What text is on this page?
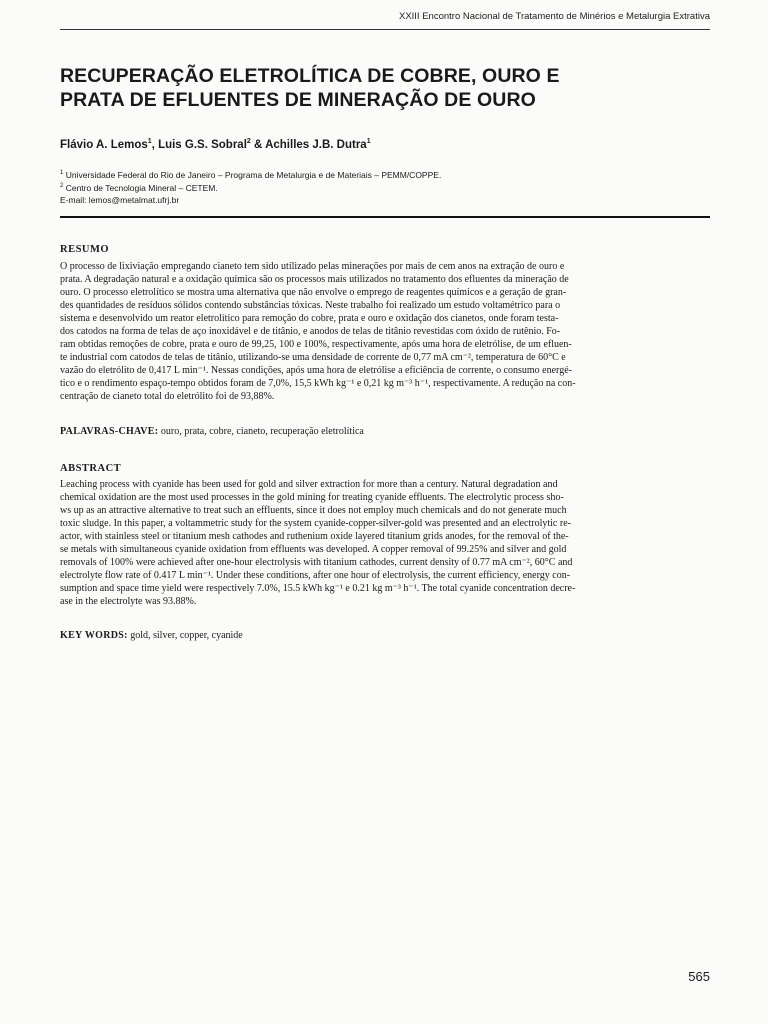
XXIII Encontro Nacional de Tratamento de Minérios e Metalurgia Extrativa
RECUPERAÇÃO ELETROLÍTICA DE COBRE, OURO E
PRATA DE EFLUENTES DE MINERAÇÃO DE OURO
Flávio A. Lemos$^1$, Luis G.S. Sobral$^2$ & Achilles J.B. Dutra$^1$
$^1$ Universidade Federal do Rio de Janeiro – Programa de Metalurgia e de Materiais – PEMM/COPPE.
$^2$ Centro de Tecnologia Mineral – CETEM.
E-mail: lemos@metalmat.ufrj.br
RESUMO
O processo de lixiviação empregando cianeto tem sido utilizado pelas minerações por mais de cem anos na extração de ouro e
prata. A degradação natural e a oxidação química são os processos mais utilizados no tratamento dos efluentes da mineração de
ouro. O processo eletrolítico se mostra uma alternativa que não envolve o emprego de reagentes químicos e a geração de gran-
des quantidades de resíduos sólidos contendo substâncias tóxicas. Neste trabalho foi realizado um estudo voltamétrico para o
sistema e desenvolvido um reator eletrolítico para remoção do cobre, prata e ouro e oxidação dos cianetos, onde foram testa-
dos catodos na forma de telas de aço inoxidável e de titânio, e anodos de telas de titânio revestidas com óxido de rutênio. Fo-
ram obtidas remoções de cobre, prata e ouro de 99,25, 100 e 100%, respectivamente, após uma hora de eletrólise, de um efluen-
te industrial com catodos de telas de titânio, utilizando-se uma densidade de corrente de 0,77 mA cm⁻², temperatura de 60°C e
vazão do eletrólito de 0,417 L min⁻¹. Nessas condições, após uma hora de eletrólise a eficiência de corrente, o consumo energé-
tico e o rendimento espaço-tempo obtidos foram de 7,0%, 15,5 kWh kg⁻¹ e 0,21 kg m⁻³ h⁻¹, respectivamente. A redução na con-
centração de cianeto total do eletrólito foi de 93,88%.
PALAVRAS-CHAVE: ouro, prata, cobre, cianeto, recuperação eletrolítica
ABSTRACT
Leaching process with cyanide has been used for gold and silver extraction for more than a century. Natural degradation and
chemical oxidation are the most used processes in the gold mining for treating cyanide effluents. The electrolytic process sho-
ws up as an attractive alternative to treat such an effluents, since it does not employ much chemicals and do not generate much
toxic sludge. In this paper, a voltammetric study for the system cyanide-copper-silver-gold was presented and an electrolytic re-
actor, with stainless steel or titanium mesh cathodes and ruthenium oxide layered titanium grids anodes, for the removal of the-
se metals with simultaneous cyanide oxidation from effluents was developed. A copper removal of 99.25% and silver and gold
removals of 100% were achieved after one-hour electrolysis with titanium cathodes, current density of 0.77 mA cm⁻², 60°C and
electrolyte flow rate of 0.417 L min⁻¹. Under these conditions, after one hour of electrolysis, the current efficiency, energy con-
sumption and space time yield were respectively 7.0%, 15.5 kWh kg⁻¹ e 0.21 kg m⁻³ h⁻¹. The total cyanide concentration decre-
ase in the electrolyte was 93.88%.
KEY WORDS: gold, silver, copper, cyanide
565
